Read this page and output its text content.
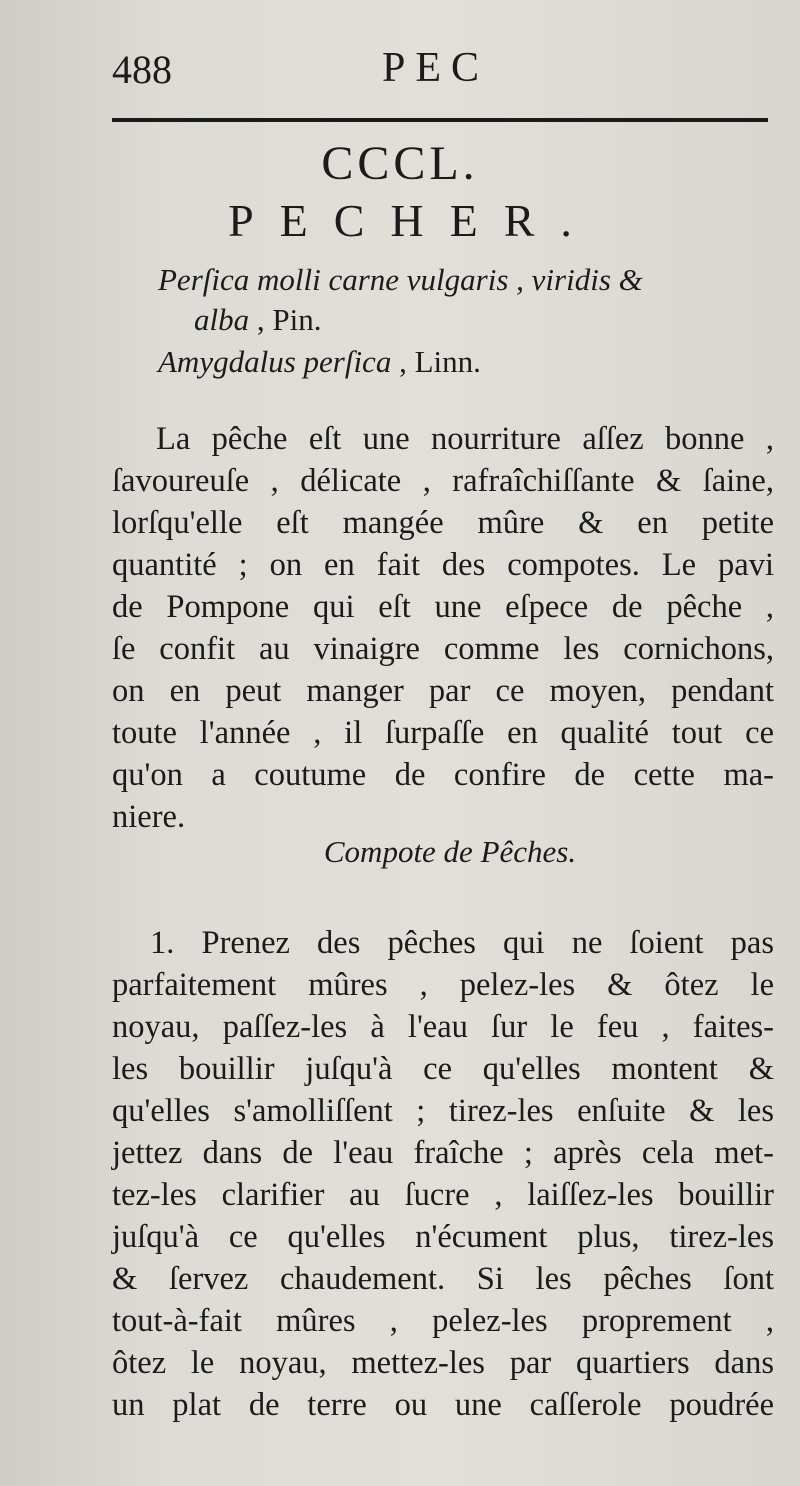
488	PEC
CCCL.
PECHER.
Perſica molli carne vulgaris , viridis &
alba , Pin.
Amygdalus perſica , Linn.
La pêche eſt une nourriture aſſez bonne ,
ſavoureuſe , délicate , rafraîchiſſante & ſaine,
lorſqu'elle eſt mangée mûre & en petite
quantité ; on en fait des compotes. Le pavi
de Pompone qui eſt une eſpece de pêche ,
ſe confit au vinaigre comme les cornichons,
on en peut manger par ce moyen, pendant
toute l'année , il ſurpaſſe en qualité tout ce
qu'on a coutume de confire de cette ma-
niere.
Compote de Pêches.
1. Prenez des pêches qui ne ſoient pas
parfaitement mûres , pelez-les & ôtez le
noyau, paſſez-les à l'eau ſur le feu , faites-
les bouillir juſqu'à ce qu'elles montent &
qu'elles s'amolliſſent ; tirez-les enſuite & les
jettez dans de l'eau fraîche ; après cela met-
tez-les clarifier au ſucre , laiſſez-les bouillir
juſqu'à ce qu'elles n'écument plus, tirez-les
& ſervez chaudement. Si les pêches ſont
tout-à-fait mûres , pelez-les proprement ,
ôtez le noyau, mettez-les par quartiers dans
un plat de terre ou une caſſerole poudrée
